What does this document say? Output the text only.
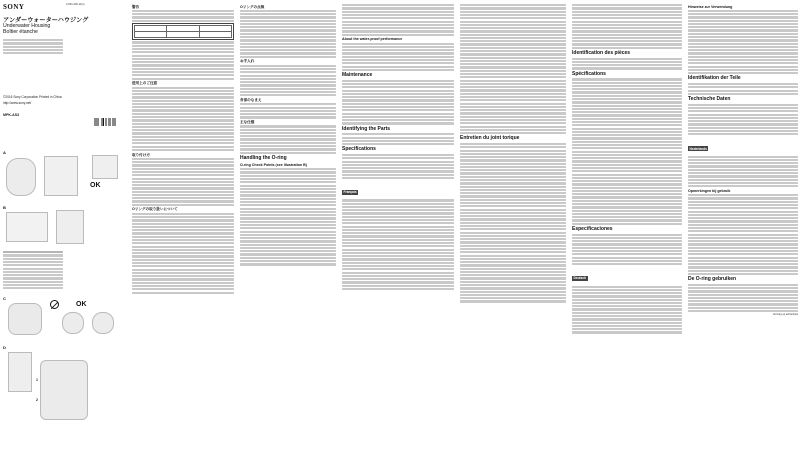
SONY	4-591-393-11(1)
アンダーウォーターハウジング
Underwater Housing
Boîtier étanche
©2016 Sony Corporation Printed in China
http://www.sony.net/
MPK-AS3
A
OK
B
C
OK
D
1
2
警告

使用上のご注意
取り付け方
Oリングの取り扱いについて
Oリングの点検
お手入れ
各部のなまえ
主な仕様
Handling the O-ring
O-ring Check Points (see Illustration B)
About the water-proof performance
Maintenance
Identifying the Parts
Specifications
Français
Entretien du joint torique
Identification des pièces
Spécifications
Especificaciones
Deutsch
Hinweise zur Verwendung
Identifikation der Teile
Technische Daten
Nederlands
Opmerkingen bij gebruik
De O-ring gebruiken
Vervolg op achterkant
